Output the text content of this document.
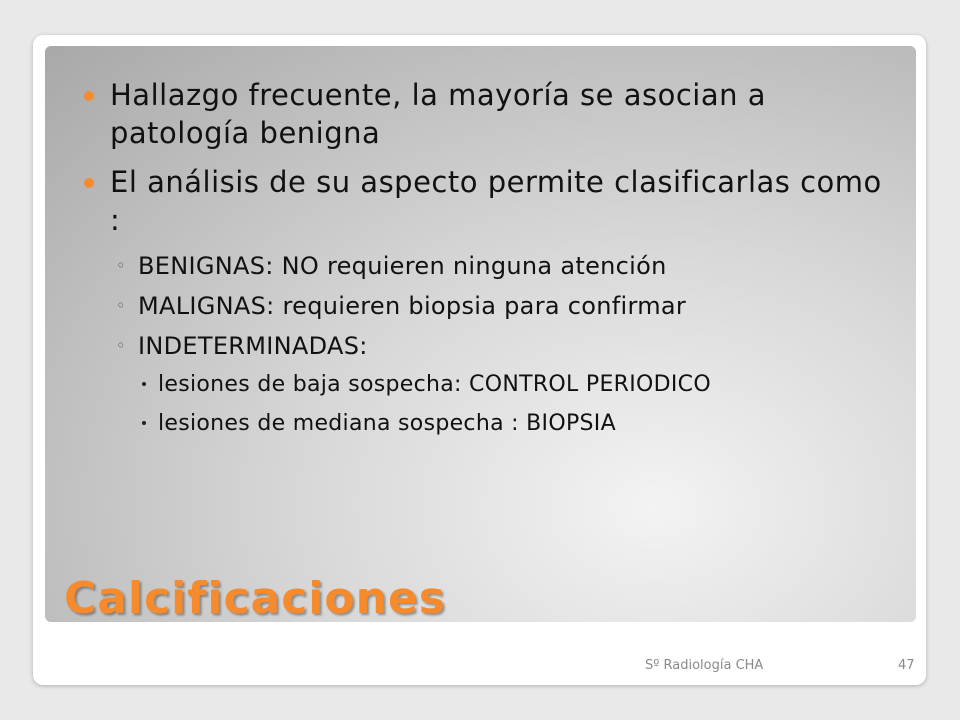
Hallazgo frecuente, la mayoría se asocian a patología benigna
El análisis de su aspecto permite clasificarlas como :
◦ BENIGNAS: NO requieren ninguna atención
◦ MALIGNAS: requieren biopsia para confirmar
◦ INDETERMINADAS:
lesiones de baja sospecha: CONTROL PERIODICO
lesiones de mediana sospecha : BIOPSIA
Calcificaciones
Sº Radiología CHA	47
